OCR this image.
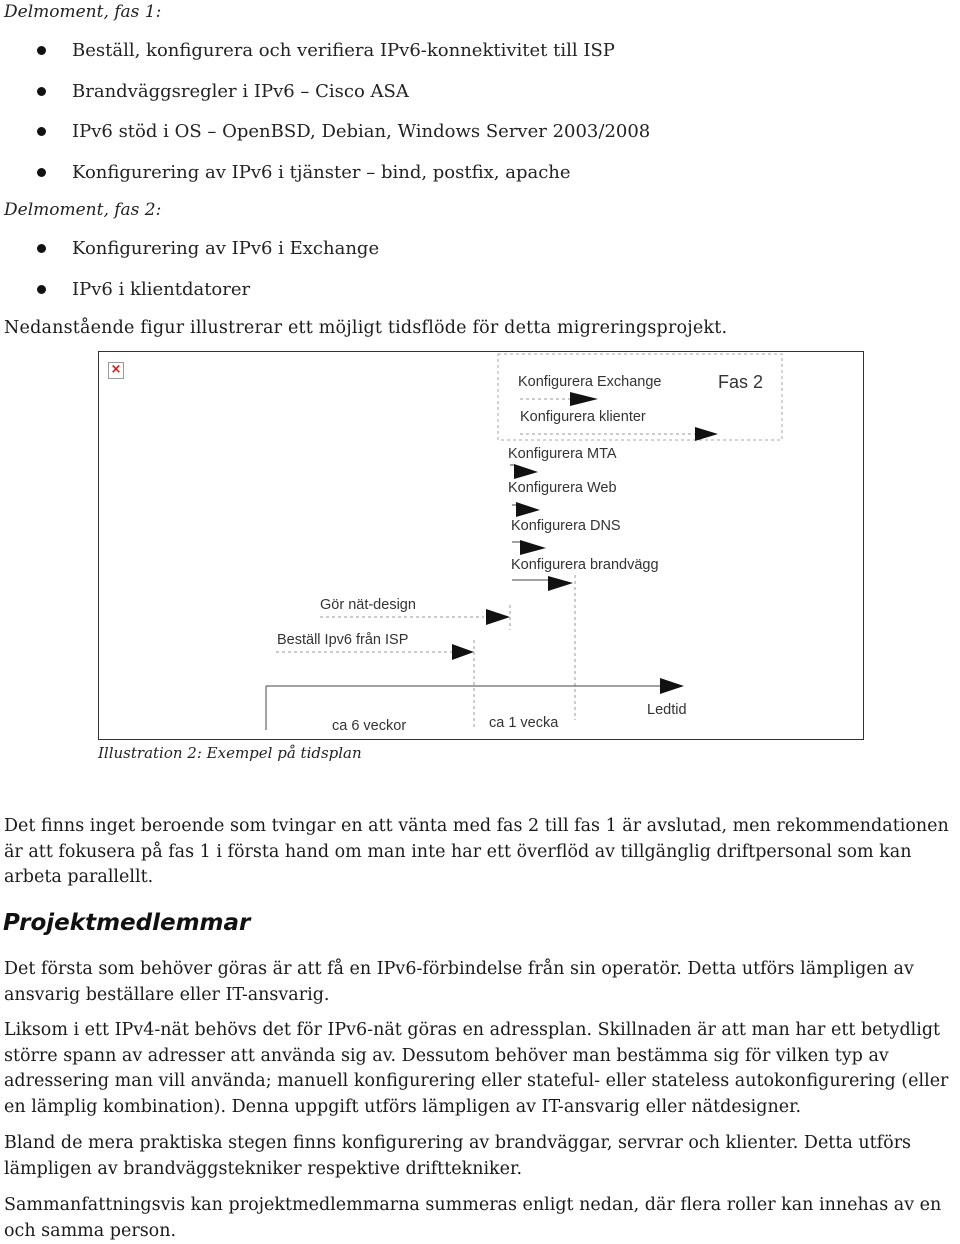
Delmoment, fas 1:
Beställ, konfigurera och verifiera IPv6-konnektivitet till ISP
Brandväggsregler i IPv6 – Cisco ASA
IPv6 stöd i OS – OpenBSD, Debian, Windows Server 2003/2008
Konfigurering av IPv6 i tjänster – bind, postfix, apache
Delmoment, fas 2:
Konfigurering av IPv6 i Exchange
IPv6 i klientdatorer
Nedanstående figur illustrerar ett möjligt tidsflöde för detta migreringsprojekt.
×
Konfigurera Exchange	Fas 2
Konfigurera klienter
Konfigurera MTA
Konfigurera Web
Konfigurera DNS
Konfigurera brandvägg
Gör nät-design
Beställ Ipv6 från ISP
ca 6 veckor	ca 1 vecka
Ledtid
Illustration 2: Exempel på tidsplan
Det finns inget beroende som tvingar en att vänta med fas 2 till fas 1 är avslutad, men rekommendationen är att fokusera på fas 1 i första hand om man inte har ett överflöd av tillgänglig driftpersonal som kan arbeta parallellt.
Projektmedlemmar
Det första som behöver göras är att få en IPv6-förbindelse från sin operatör. Detta utförs lämpligen av ansvarig beställare eller IT-ansvarig.
Liksom i ett IPv4-nät behövs det för IPv6-nät göras en adressplan. Skillnaden är att man har ett betydligt större spann av adresser att använda sig av. Dessutom behöver man bestämma sig för vilken typ av adressering man vill använda; manuell konfigurering eller stateful- eller stateless autokonfigurering (eller en lämplig kombination). Denna uppgift utförs lämpligen av IT-ansvarig eller nätdesigner.
Bland de mera praktiska stegen finns konfigurering av brandväggar, servrar och klienter. Detta utförs lämpligen av brandväggstekniker respektive drifttekniker.
Sammanfattningsvis kan projektmedlemmarna summeras enligt nedan, där flera roller kan innehas av en och samma person.
